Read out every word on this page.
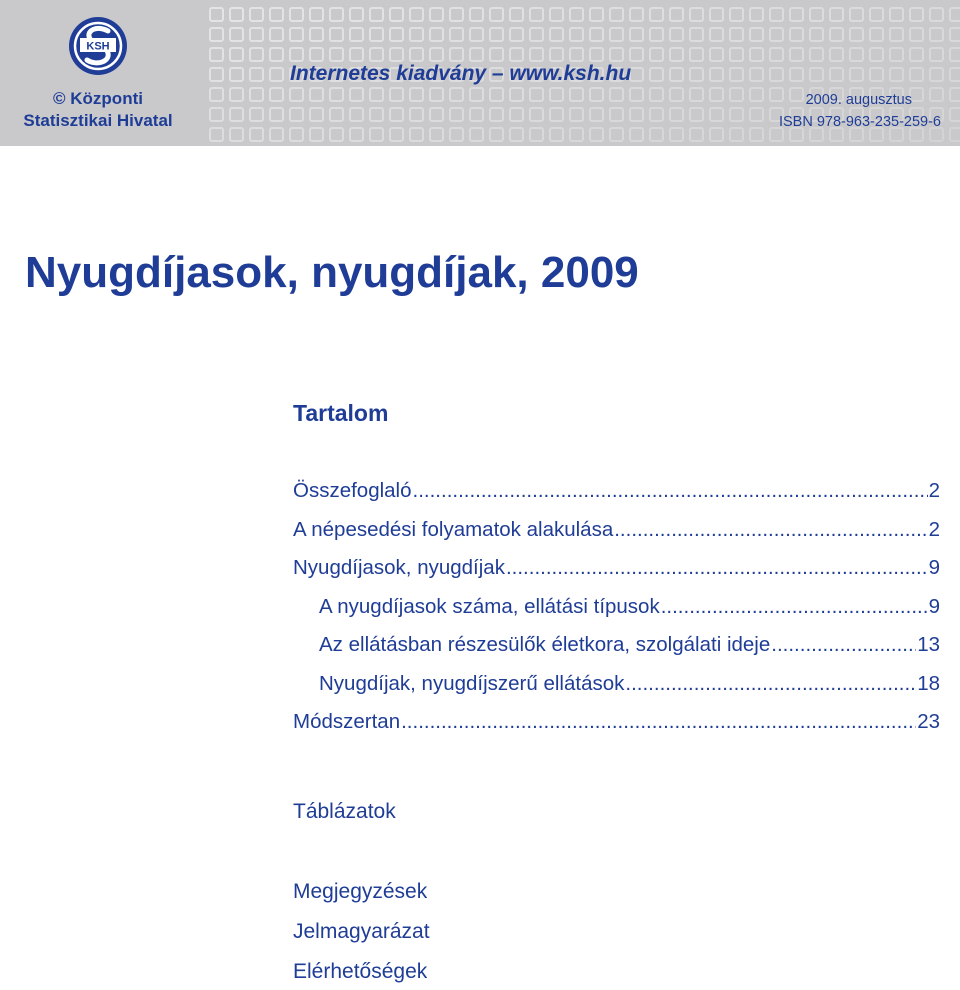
KSH
© Központi
Statisztikai Hivatal
Internetes kiadvány – www.ksh.hu
2009. augusztus
ISBN 978-963-235-259-6
Nyugdíjasok, nyugdíjak, 2009
Tartalom
Összefoglaló .....	2
A népesedési folyamatok alakulása .....	2
Nyugdíjasok, nyugdíjak .....	9
A nyugdíjasok száma, ellátási típusok .....	9
Az ellátásban részesülők életkora, szolgálati ideje .....	13
Nyugdíjak, nyugdíjszerű ellátások .....	18
Módszertan .....	23
Táblázatok
Megjegyzések
Jelmagyarázat
Elérhetőségek
